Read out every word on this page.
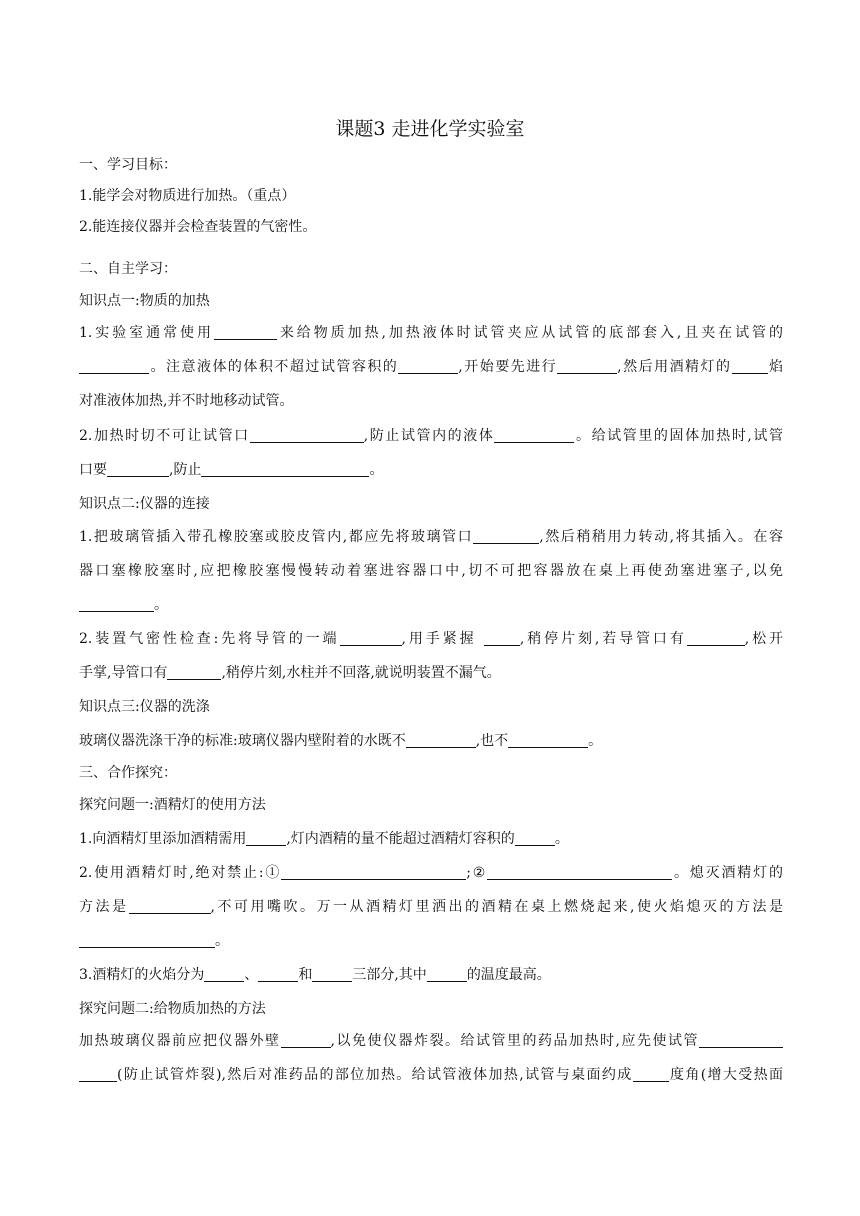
课题3 走进化学实验室
一、学习目标：
1.能学会对物质进行加热。（重点）
2.能连接仪器并会检查装置的气密性。
二、自主学习：
知识点一:物质的加热
1.实验室通常使用	来给物质加热,加热液体时试管夹应从试管的底部套入,且夹在试管的
。注意液体的体积不超过试管容积的	,开始要先进行	,然后用酒精灯的	焰
对准液体加热,并不时地移动试管。
2.加热时切不可让试管口	,防止试管内的液体	。给试管里的固体加热时,试管
口要	,防止	。
知识点二:仪器的连接
1.把玻璃管插入带孔橡胶塞或胶皮管内,都应先将玻璃管口	,然后稍稍用力转动,将其插入。在容
器口塞橡胶塞时,应把橡胶塞慢慢转动着塞进容器口中,切不可把容器放在桌上再使劲塞进塞子,以免
。
2.装置气密性检查:先将导管的一端	,用手紧握	,稍停片刻,若导管口有	,松开
手掌,导管口有	,稍停片刻,水柱并不回落,就说明装置不漏气。
知识点三:仪器的洗涤
玻璃仪器洗涤干净的标准:玻璃仪器内壁附着的水既不	,也不	。
三、合作探究：
探究问题一:酒精灯的使用方法
1.向酒精灯里添加酒精需用	,灯内酒精的量不能超过酒精灯容积的	。
2.使用酒精灯时,绝对禁止:①	;②	。熄灭酒精灯的
方法是	,不可用嘴吹。万一从酒精灯里洒出的酒精在桌上燃烧起来,使火焰熄灭的方法是
。
3.酒精灯的火焰分为	、	和	三部分,其中	的温度最高。
探究问题二:给物质加热的方法
加热玻璃仪器前应把仪器外壁	,以免使仪器炸裂。给试管里的药品加热时,应先使试管
(防止试管炸裂),然后对准药品的部位加热。给试管液体加热,试管与桌面约成	度角(增大受热面
